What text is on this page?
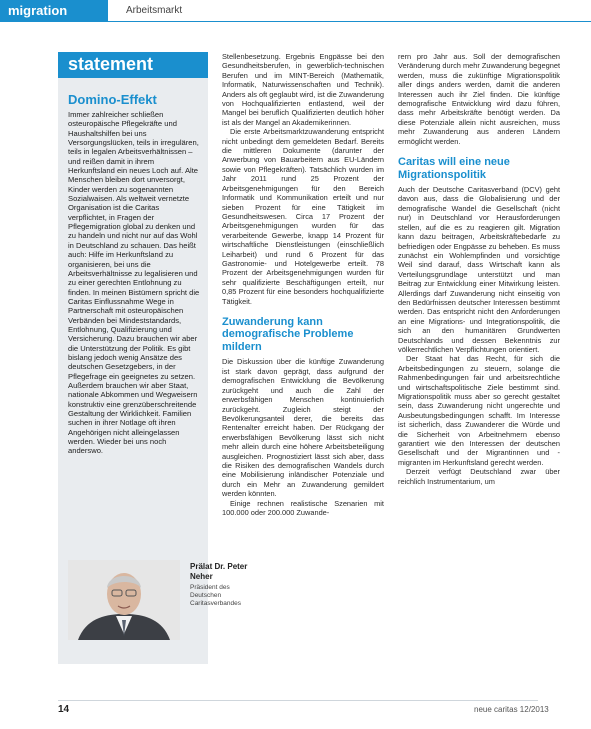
migration	Arbeitsmarkt
statement
Domino-Effekt
Immer zahlreicher schließen osteuropäische Pflegekräfte und Haushaltshilfen bei uns Versorgungslücken, teils in irregulären, teils in legalen Arbeitsverhältnissen – und reißen damit in ihrem Herkunftsland ein neues Loch auf. Alte Menschen bleiben dort unversorgt, Kinder werden zu sogenannten Sozialwaisen. Als weltweit vernetzte Organisation ist die Caritas verpflichtet, in Fragen der Pflegemigration global zu denken und zu handeln und nicht nur auf das Wohl in Deutschland zu schauen. Das heißt auch: Hilfe im Herkunftsland zu organisieren, bei uns die Arbeitsverhältnisse zu legalisieren und zu einer gerechten Entlohnung zu finden. In meinen Bistümern spricht die Caritas Einflussnahme Wege in Partnerschaft mit osteuropäischen Verbänden bei Mindeststandards, Entlohnung, Qualifizierung und Versicherung. Dazu brauchen wir aber die Unterstützung der Politik. Es gibt bislang jedoch wenig Ansätze des deutschen Gesetzgebers, in der Pflegefrage ein geeignetes zu setzen. Außerdem brauchen wir aber Staat, nationale Abkommen und Wegweisern konstruktiv eine grenzüberschreitende Gestaltung der Wirklichkeit. Familien suchen in ihrer Notlage oft ihren Angehörigen nicht alleingelassen werden. Wieder bei uns noch anderswo.
Prälat Dr. Peter Neher
Präsident des Deutschen Caritasverbandes

Stellenbesetzung. Ergebnis Engpässe bei den Gesundheitsberufen, in gewerblich-technischen Berufen und im MINT-Bereich (Mathematik, Informatik, Naturwissenschaften und Technik). Anders als oft geglaubt wird, ist die Zuwanderung von Hochqualifizierten entlastend, weil der Mangel bei beruflich Qualifizierten deutlich höher ist als der Mangel an Akademikerinnen.

Die erste Arbeitsmarktzuwanderung entspricht nicht unbedingt dem gemeldeten Bedarf. Bereits die mittleren Dokumente (darunter der Anwerbung von Bauarbeitern aus EU-Ländern sowie von Pflegekräften). Tatsächlich wurden im Jahr 2011 rund 25 Prozent der Arbeitsgenehmigungen für den Bereich Informatik und Kommunikation erteilt und nur sieben Prozent für eine Tätigkeit im Gesundheitswesen. Circa 17 Prozent der Arbeitsgenehmigungen wurden für das verarbeitende Gewerbe, knapp 14 Prozent für wirtschaftliche Dienstleistungen (einschließlich Leiharbeit) und rund 6 Prozent für das Gastronomie- und Hotelgewerbe erteilt. 78 Prozent der Arbeitsgenehmigungen wurden für sehr qualifizierte Beschäftigungen erteilt, nur 0,85 Prozent für eine besonders hochqualifizierte Tätigkeit.

Zuwanderung kann demografische Probleme mildern

Die Diskussion über die künftige Zuwanderung ist stark davon geprägt, dass aufgrund der demografischen Entwicklung die Bevölkerung zurückgeht und auch die Zahl der erwerbsfähigen Menschen kontinuierlich zurückgeht. Zugleich steigt der Bevölkerungsanteil derer, die bereits das Rentenalter erreicht haben. Der Rückgang der erwerbsfähigen Bevölkerung lässt sich nicht mehr allein durch eine höhere Arbeitsbeteiligung ausgleichen. Prognostiziert lässt sich aber, dass die Risiken des demografischen Wandels durch eine Mobilisierung inländischer Potenziale und durch ein Mehr an Zuwanderung gemildert werden könnten.

Einige rechnen realistische Szenarien mit 100.000 oder 200.000 Zuwande-

rern pro Jahr aus. Soll der demografischen Veränderung durch mehr Zuwanderung begegnet werden, muss die zukünftige Migrationspolitik aller dings anders werden, damit die anderen Interessen auch ihr Ziel finden. Die künftige demografische Entwicklung wird dazu führen, dass mehr Arbeitskräfte benötigt werden. Da diese Potenziale allein nicht ausreichen, muss mehr Zuwanderung aus anderen Ländern ermöglicht werden.

Caritas will eine neue Migrationspolitik

Auch der Deutsche Caritasverband (DCV) geht davon aus, dass die Globalisierung und der demografische Wandel die Gesellschaft (nicht nur) in Deutschland vor Herausforderungen stellen, auf die es zu reagieren gilt. Migration kann dazu beitragen, Arbeitskräftebedarfe zu befriedigen oder Engpässe zu beheben. Es muss zunächst ein Wohlempfinden und vorsichtige Weil sind darauf, dass Wirtschaft kann als Verteilungsgrundlage unterstützt und man Beitrag zur Entwicklung einer Mitwirkung leisten. Allerdings darf Zuwanderung nicht einseitig von den Bedürfnissen deutscher Interessen bestimmt werden. Das entspricht nicht den Anforderungen an eine Migrations- und Integrationspolitik, die sich an den humanitären Grundwerten Deutschlands und dessen Bekenntnis zur völkerrechtlichen Verpflichtungen orientiert.

Der Staat hat das Recht, für sich die Arbeitsbedingungen zu steuern, solange die Rahmenbedingungen fair und arbeitsrechtliche und wirtschaftspolitische Ziele bestimmt sind. Migrationspolitik muss aber so gerecht gestaltet sein, dass Zuwanderung nicht ungerechte und Ausbeutungsbedingungen schafft. Im Interesse ist sicherlich, dass Zuwanderer die Würde und die Sicherheit von Arbeitnehmern ebenso garantiert wie den Interessen der deutschen Gesellschaft und der Migrantinnen und -migranten im Herkunftsland gerecht werden.

Derzeit verfügt Deutschland zwar über reichlich Instrumentarium, um

14	neue caritas 12/2013
